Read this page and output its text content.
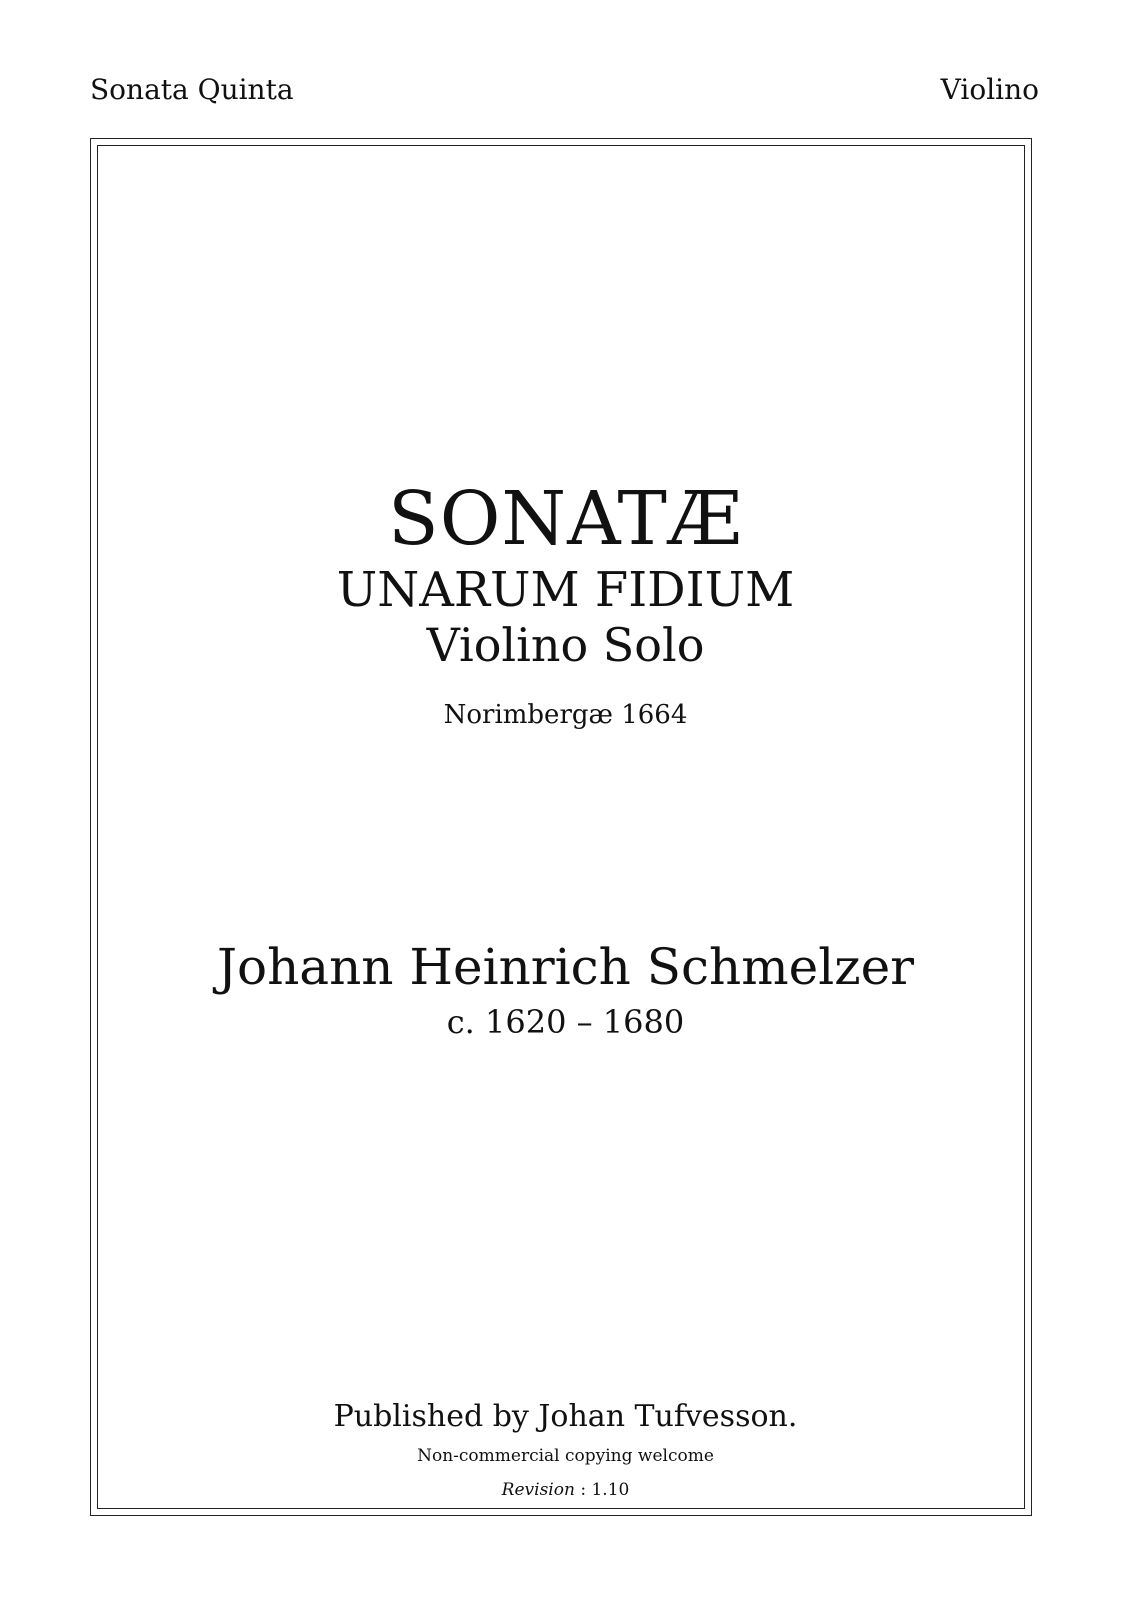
Sonata Quinta	Violino
SONATÆ
UNARUM FIDIUM
Violino Solo
Norimbergæ 1664
Johann Heinrich Schmelzer
c. 1620 – 1680
Published by Johan Tufvesson.
Non-commercial copying welcome
Revision : 1.10
